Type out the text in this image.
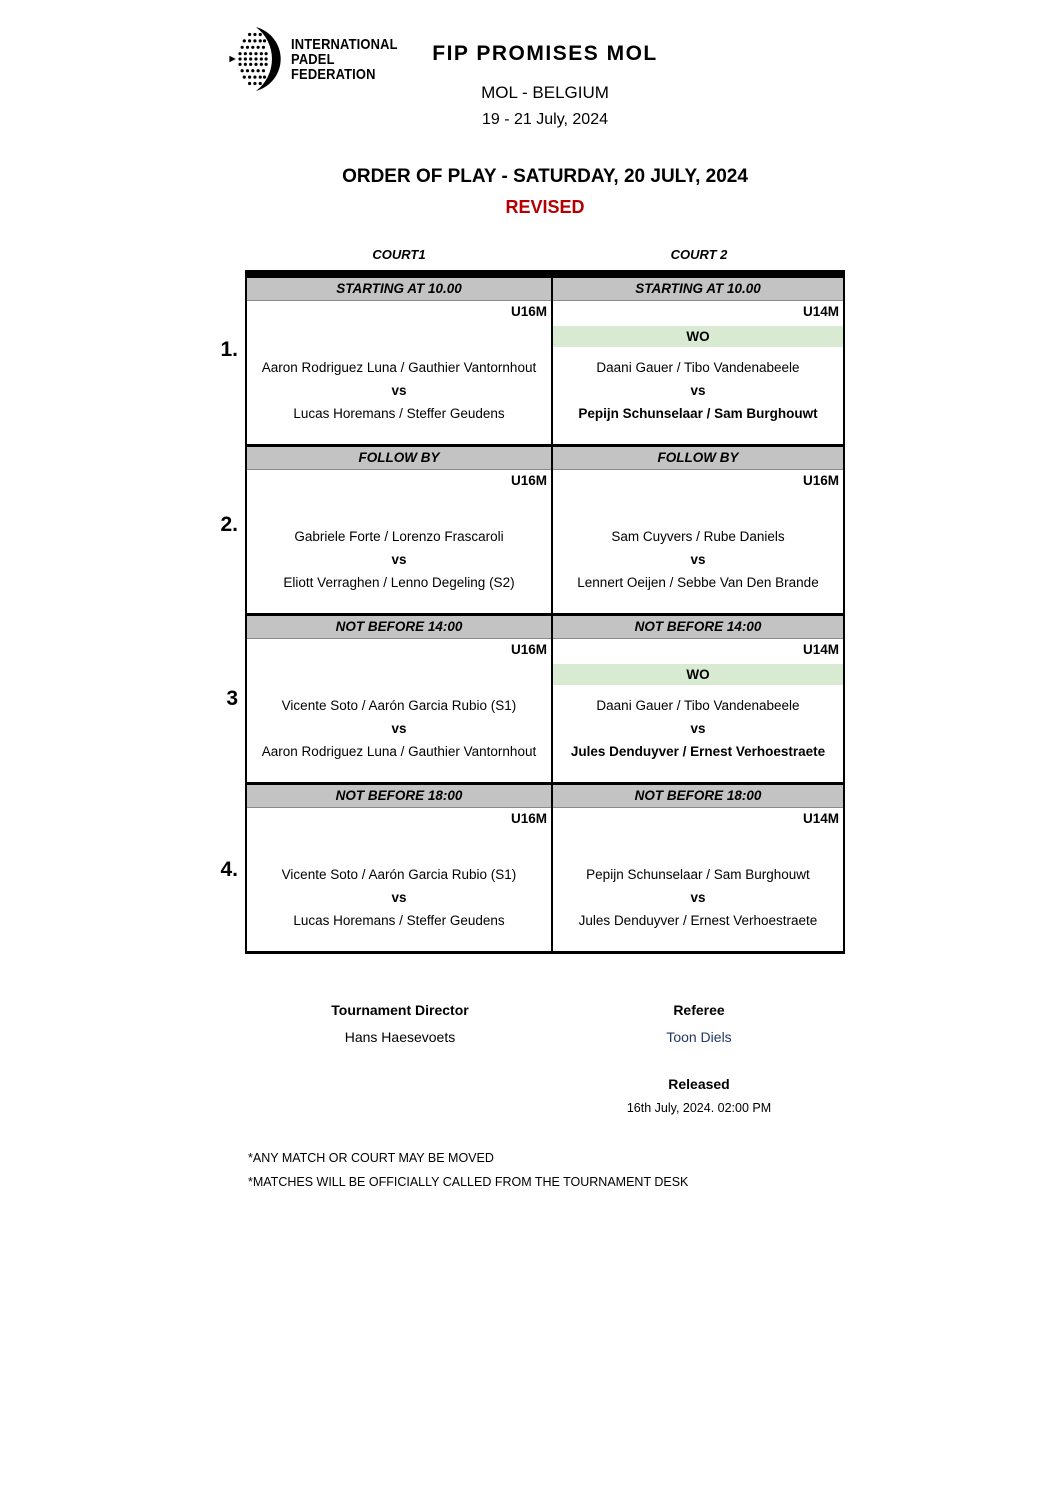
INTERNATIONAL
PADEL
FEDERATION
FIP PROMISES MOL
MOL - BELGIUM
19 - 21 July, 2024
ORDER OF PLAY - SATURDAY, 20 JULY, 2024
REVISED
COURT1	COURT 2
1.
2.
3
4.
STARTING AT 10.00
U16M
Aaron Rodriguez Luna / Gauthier Vantornhout
vs
Lucas Horemans / Steffer Geudens
STARTING AT 10.00
U14M
WO
Daani Gauer / Tibo Vandenabeele
vs
Pepijn Schunselaar / Sam Burghouwt
FOLLOW BY
U16M
Gabriele Forte / Lorenzo Frascaroli
vs
Eliott Verraghen / Lenno Degeling (S2)
FOLLOW BY
U16M
Sam Cuyvers / Rube Daniels
vs
Lennert Oeijen / Sebbe Van Den Brande
NOT BEFORE 14:00
U16M
Vicente Soto / Aarón Garcia Rubio (S1)
vs
Aaron Rodriguez Luna / Gauthier Vantornhout
NOT BEFORE 14:00
U14M
WO
Daani Gauer / Tibo Vandenabeele
vs
Jules Denduyver / Ernest Verhoestraete
NOT BEFORE 18:00
U16M
Vicente Soto / Aarón Garcia Rubio (S1)
vs
Lucas Horemans / Steffer Geudens
NOT BEFORE 18:00
U14M
Pepijn Schunselaar / Sam Burghouwt
vs
Jules Denduyver / Ernest Verhoestraete
Tournament Director
Hans Haesevoets
Referee
Toon Diels
Released
16th July, 2024. 02:00 PM
*ANY MATCH OR COURT MAY BE MOVED
*MATCHES WILL BE OFFICIALLY CALLED FROM THE TOURNAMENT DESK
